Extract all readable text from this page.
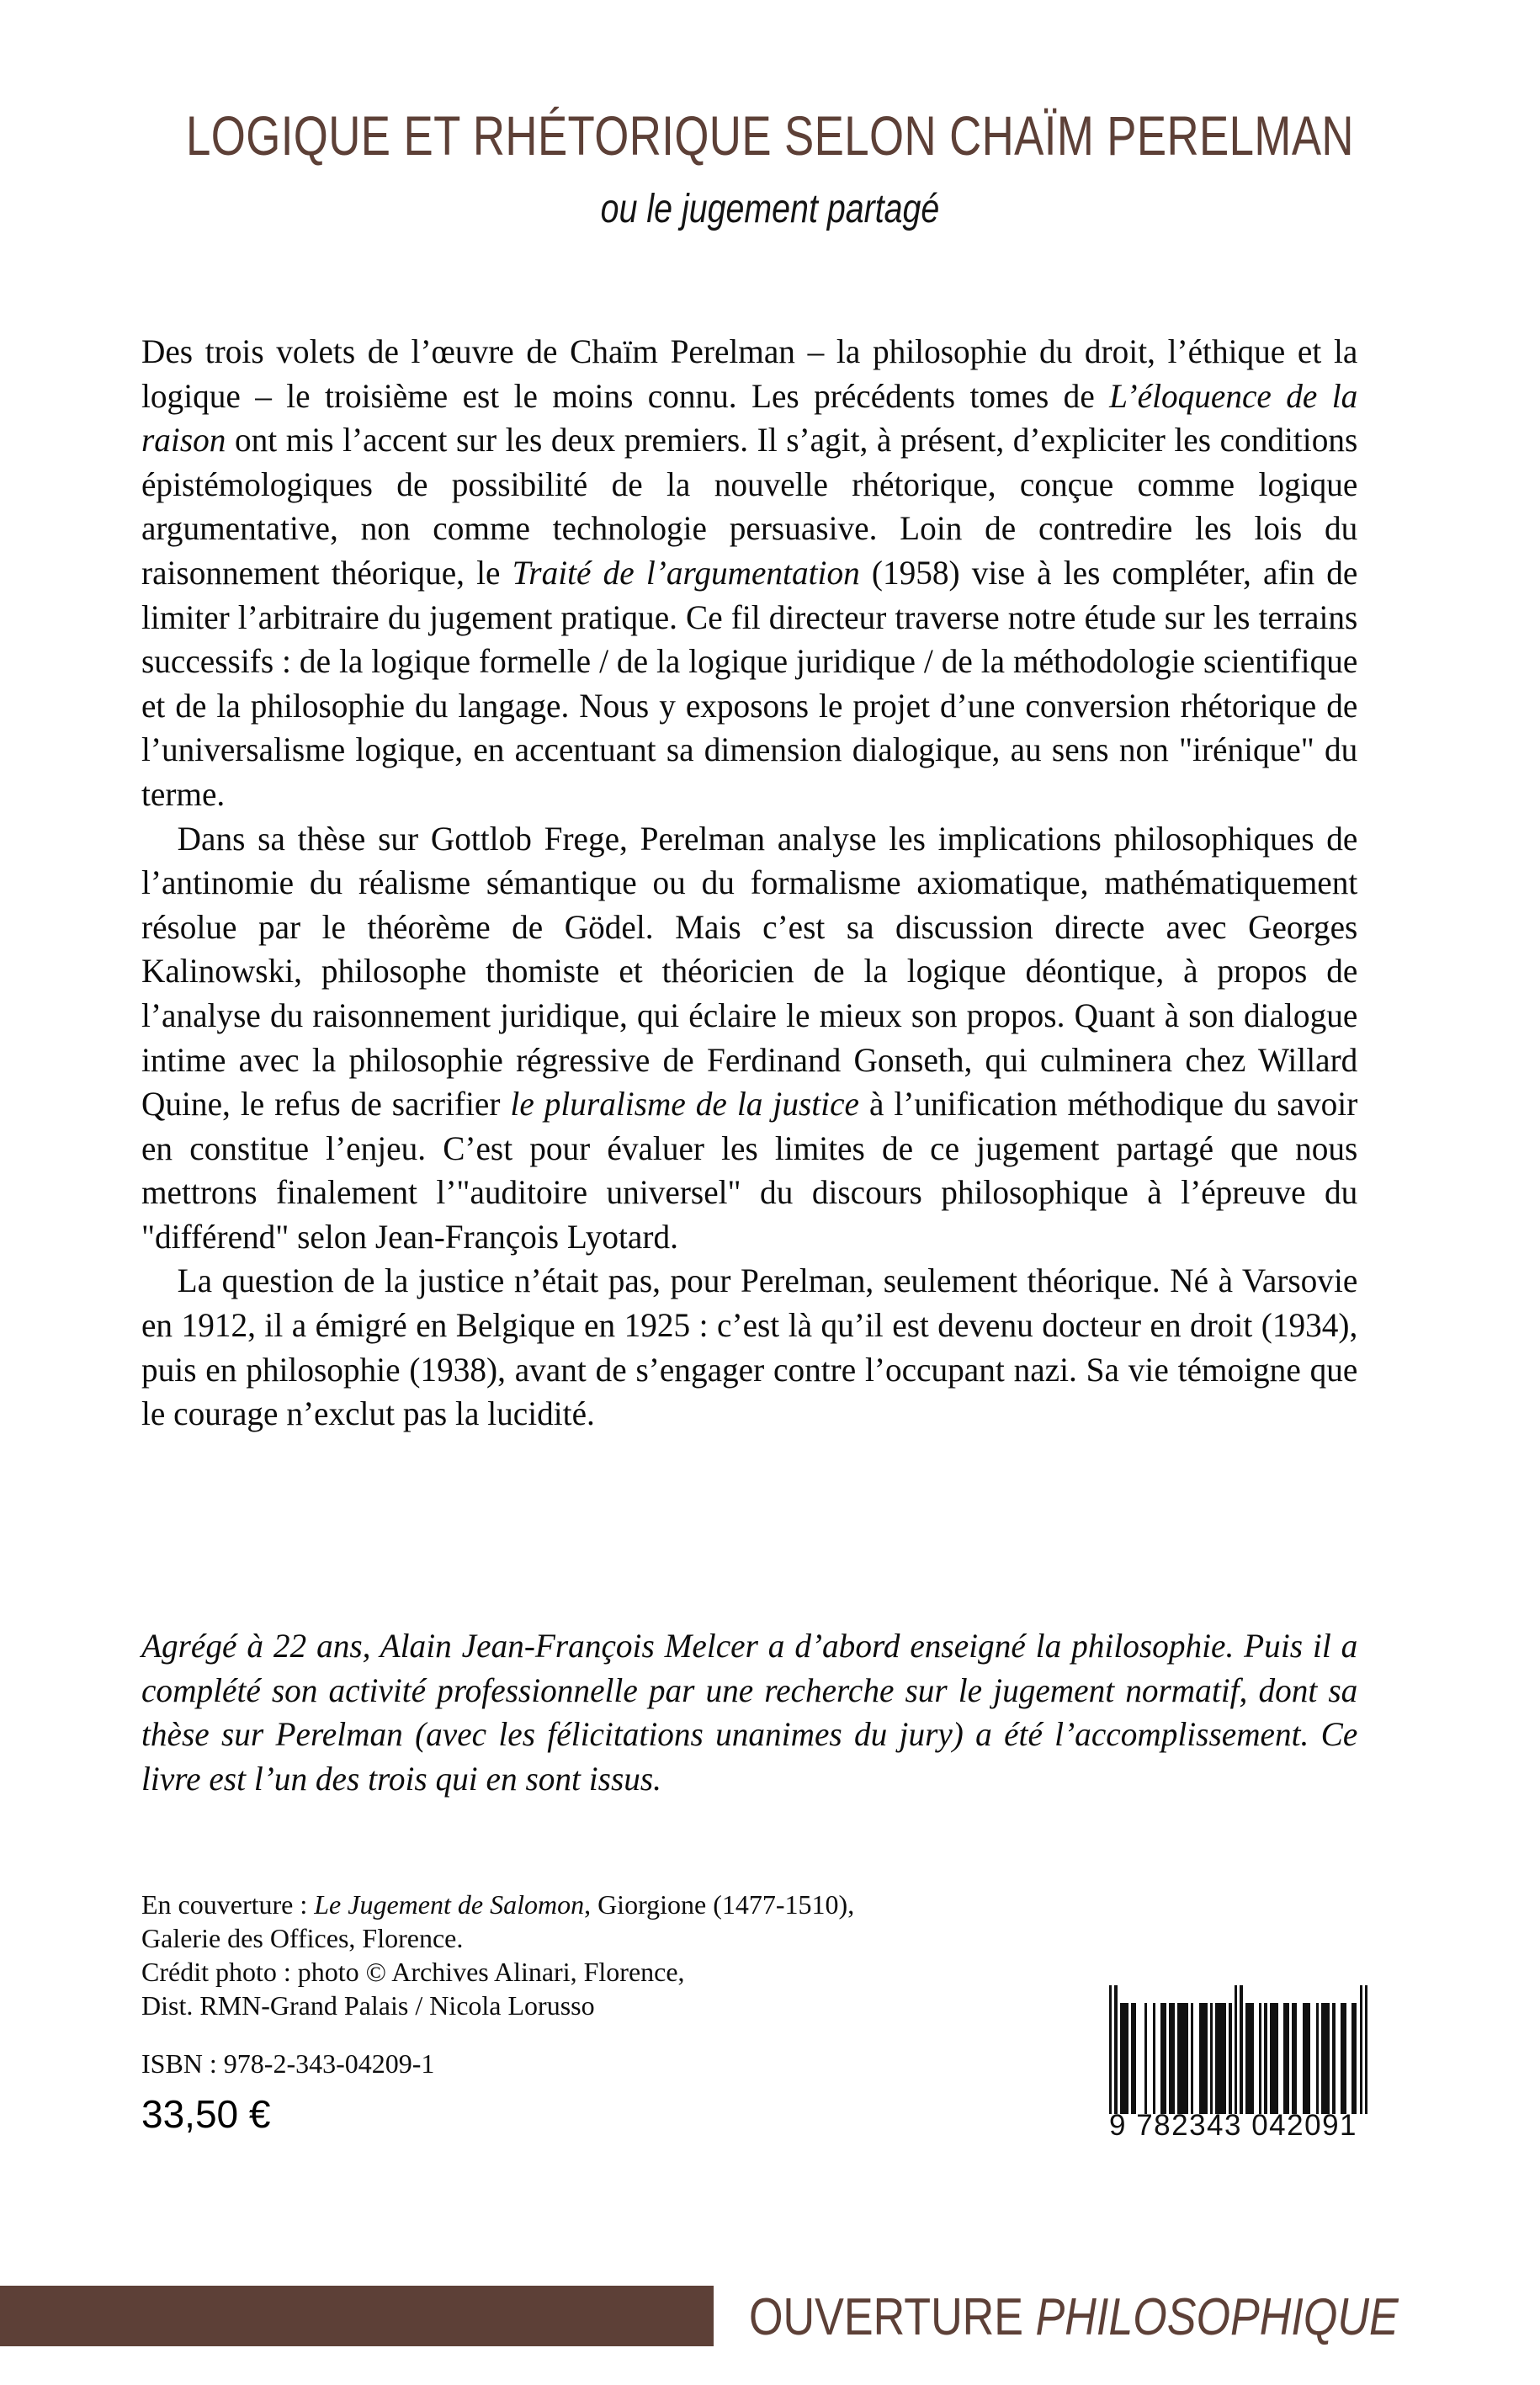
LOGIQUE ET RHÉTORIQUE SELON CHAÏM PERELMAN
ou le jugement partagé

Des trois volets de l’œuvre de Chaïm Perelman – la philosophie du droit, l’éthique et la logique – le troisième est le moins connu. Les précédents tomes de L’éloquence de la raison ont mis l’accent sur les deux premiers. Il s’agit, à présent, d’expliciter les conditions épistémologiques de possibilité de la nouvelle rhétorique, conçue comme logique argumentative, non comme technologie persuasive. Loin de contredire les lois du raisonnement théorique, le Traité de l’argumentation (1958) vise à les compléter, afin de limiter l’arbitraire du jugement pratique. Ce fil directeur traverse notre étude sur les terrains successifs : de la logique formelle / de la logique juridique / de la méthodologie scientifique et de la philosophie du langage. Nous y exposons le projet d’une conversion rhétorique de l’universalisme logique, en accentuant sa dimension dialogique, au sens non "irénique" du terme.

Dans sa thèse sur Gottlob Frege, Perelman analyse les implications philosophiques de l’antinomie du réalisme sémantique ou du formalisme axiomatique, mathématiquement résolue par le théorème de Gödel. Mais c’est sa discussion directe avec Georges Kalinowski, philosophe thomiste et théoricien de la logique déontique, à propos de l’analyse du raisonnement juridique, qui éclaire le mieux son propos. Quant à son dialogue intime avec la philosophie régressive de Ferdinand Gonseth, qui culminera chez Willard Quine, le refus de sacrifier le pluralisme de la justice à l’unification méthodique du savoir en constitue l’enjeu. C’est pour évaluer les limites de ce jugement partagé que nous mettrons finalement l’"auditoire universel" du discours philosophique à l’épreuve du "différend" selon Jean-François Lyotard.

La question de la justice n’était pas, pour Perelman, seulement théorique. Né à Varsovie en 1912, il a émigré en Belgique en 1925 : c’est là qu’il est devenu docteur en droit (1934), puis en philosophie (1938), avant de s’engager contre l’occupant nazi. Sa vie témoigne que le courage n’exclut pas la lucidité.

Agrégé à 22 ans, Alain Jean-François Melcer a d’abord enseigné la philosophie. Puis il a complété son activité professionnelle par une recherche sur le jugement normatif, dont sa thèse sur Perelman (avec les félicitations unanimes du jury) a été l’accomplissement. Ce livre est l’un des trois qui en sont issus.

En couverture : Le Jugement de Salomon, Giorgione (1477-1510),
Galerie des Offices, Florence.
Crédit photo : photo © Archives Alinari, Florence,
Dist. RMN-Grand Palais / Nicola Lorusso
ISBN : 978-2-343-04209-1
33,50 €	9 782343 042091
OUVERTURE PHILOSOPHIQUE
